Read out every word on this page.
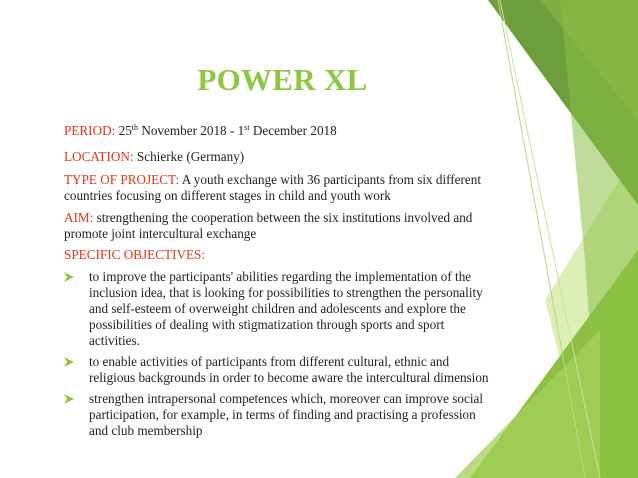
POWER XL
PERIOD: 25th November 2018 - 1st December 2018
LOCATION: Schierke (Germany)
TYPE OF PROJECT: A youth exchange with 36 participants from six different
countries focusing on different stages in child and youth work
AIM: strengthening the cooperation between the six institutions involved and
promote joint intercultural exchange
SPECIFIC OBJECTIVES:
to improve the participants' abilities regarding the implementation of the
inclusion idea, that is looking for possibilities to strengthen the personality
and self-esteem of overweight children and adolescents and explore the
possibilities of dealing with stigmatization through sports and sport
activities.
to enable activities of participants from different cultural, ethnic and
religious backgrounds in order to become aware the intercultural dimension
strengthen intrapersonal competences which, moreover can improve social
participation, for example, in terms of finding and practising a profession
and club membership
